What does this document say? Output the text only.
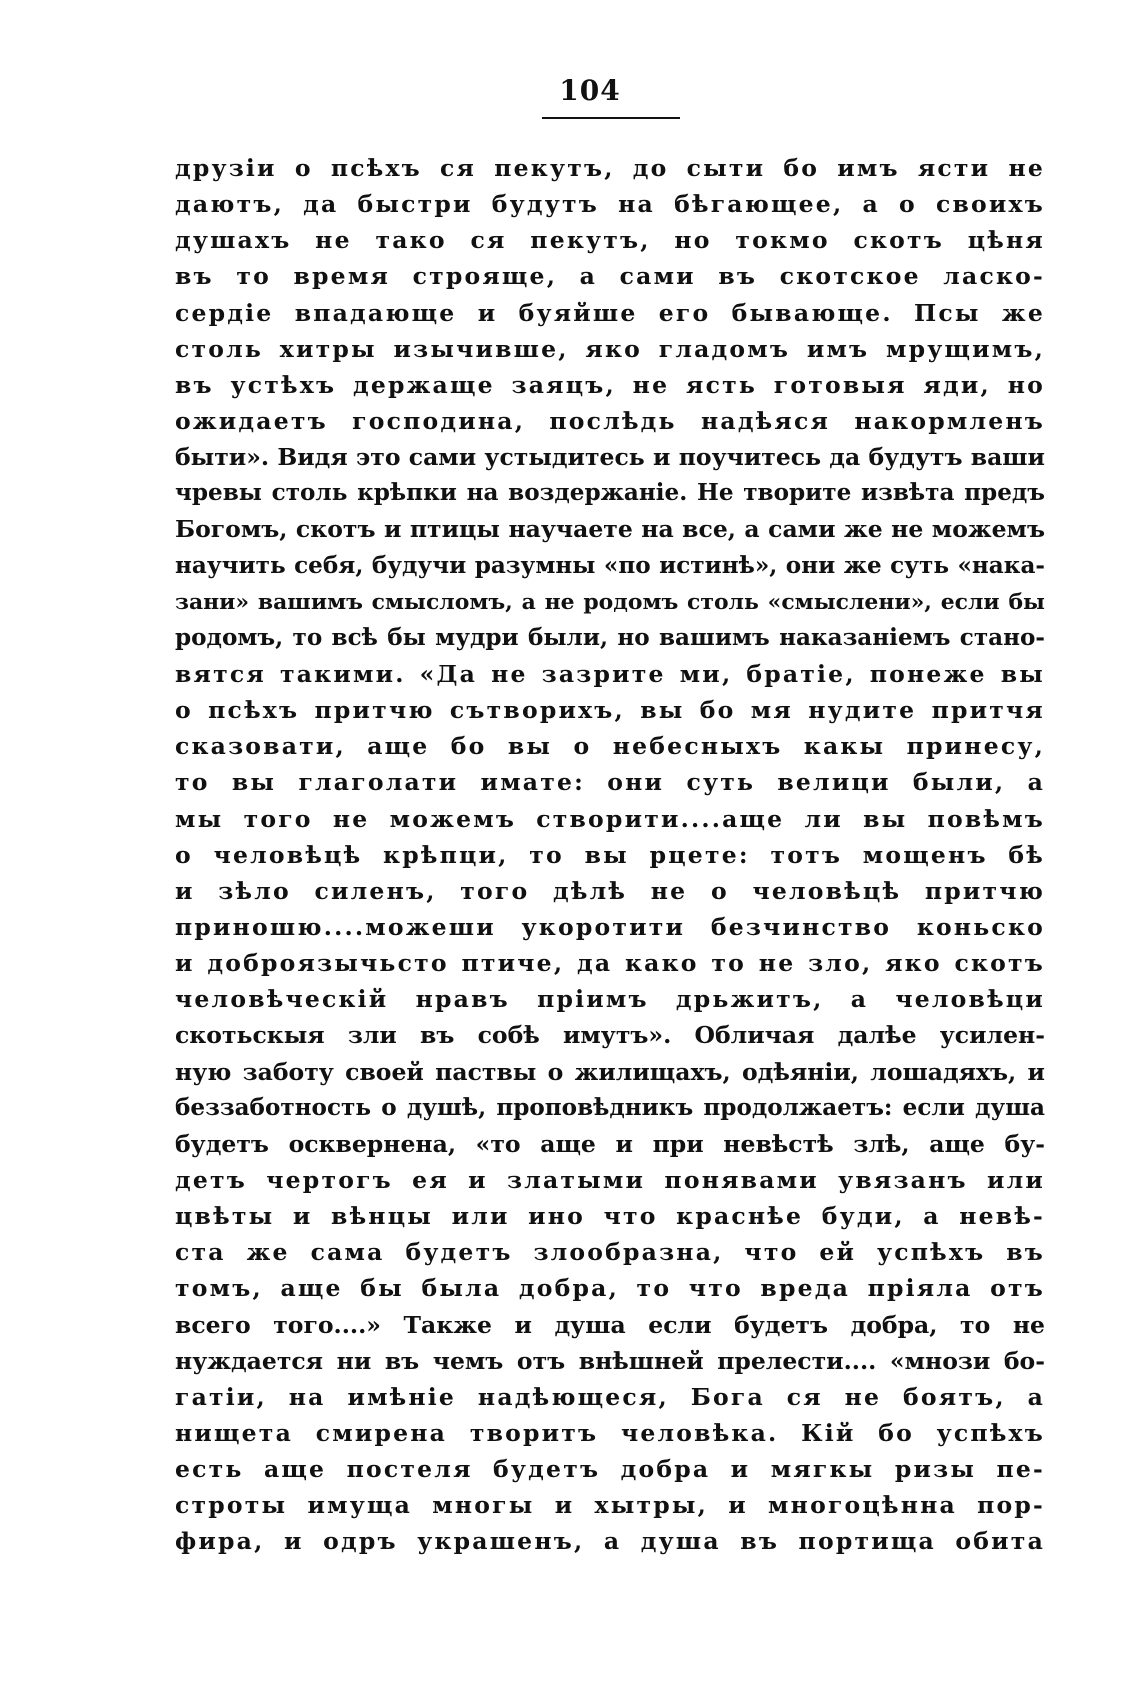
104
друзіи о псѣхъ ся пекутъ, до сыти бо имъ ясти не
даютъ, да быстри будутъ на бѣгающее, а о своихъ
душахъ не тако ся пекутъ, но токмо скотъ цѣня
въ то время строяще, а сами въ скотское ласко-
сердіе впадающе и буяйше его бывающе. Псы же
столь хитры изычивше, яко гладомъ имъ мрущимъ,
въ устѣхъ держаще заяцъ, не ясть готовыя яди, но
ожидаетъ господина, послѣдь надѣяся накормленъ
быти». Видя это сами устыдитесь и поучитесь да будутъ ваши
чревы столь крѣпки на воздержаніе. Не творите извѣта предъ
Богомъ, скотъ и птицы научаете на все, а сами же не можемъ
научить себя, будучи разумны «по истинѣ», они же суть «нака-
зани» вашимъ смысломъ, а не родомъ столь «смыслени», если бы
родомъ, то всѣ бы мудри были, но вашимъ наказаніемъ стано-
вятся такими. «Да не зазрите ми, братіе, понеже вы
о псѣхъ притчю сътворихъ, вы бо мя нудите притчя
сказовати, аще бо вы о небесныхъ какы принесу,
то вы глаголати имате: они суть велици были, а
мы того не можемъ створити....аще ли вы повѣмъ
о человѣцѣ крѣпци, то вы рцете: тотъ мощенъ бѣ
и зѣло силенъ, того дѣлѣ не о человѣцѣ притчю
приношю....можеши укоротити безчинство коньско
и доброязычьсто птиче, да како то не зло, яко скотъ
человѣческій нравъ пріимъ дрьжитъ, а человѣци
скотьскыя зли въ собѣ имутъ». Обличая далѣе усилен-
ную заботу своей паствы о жилищахъ, одѣяніи, лошадяхъ, и
беззаботность о душѣ, проповѣдникъ продолжаетъ: если душа
будетъ осквернена, «то аще и при невѣстѣ злѣ, аще бу-
детъ чертогъ ея и златыми понявами увязанъ или
цвѣты и вѣнцы или ино что краснѣе буди, а невѣ-
ста же сама будетъ злообразна, что ей успѣхъ въ
томъ, аще бы была добра, то что вреда пріяла отъ
всего того....» Также и душа если будетъ добра, то не
нуждается ни въ чемъ отъ внѣшней прелести.... «мнози бо-
гатіи, на имѣніе надѣющеся, Бога ся не боятъ, а
нищета смирена творитъ человѣка. Кій бо успѣхъ
есть аще постеля будетъ добра и мягкы ризы пе-
строты имуща многы и хытры, и многоцѣнна пор-
фира, и одръ украшенъ, а душа въ портища обита
